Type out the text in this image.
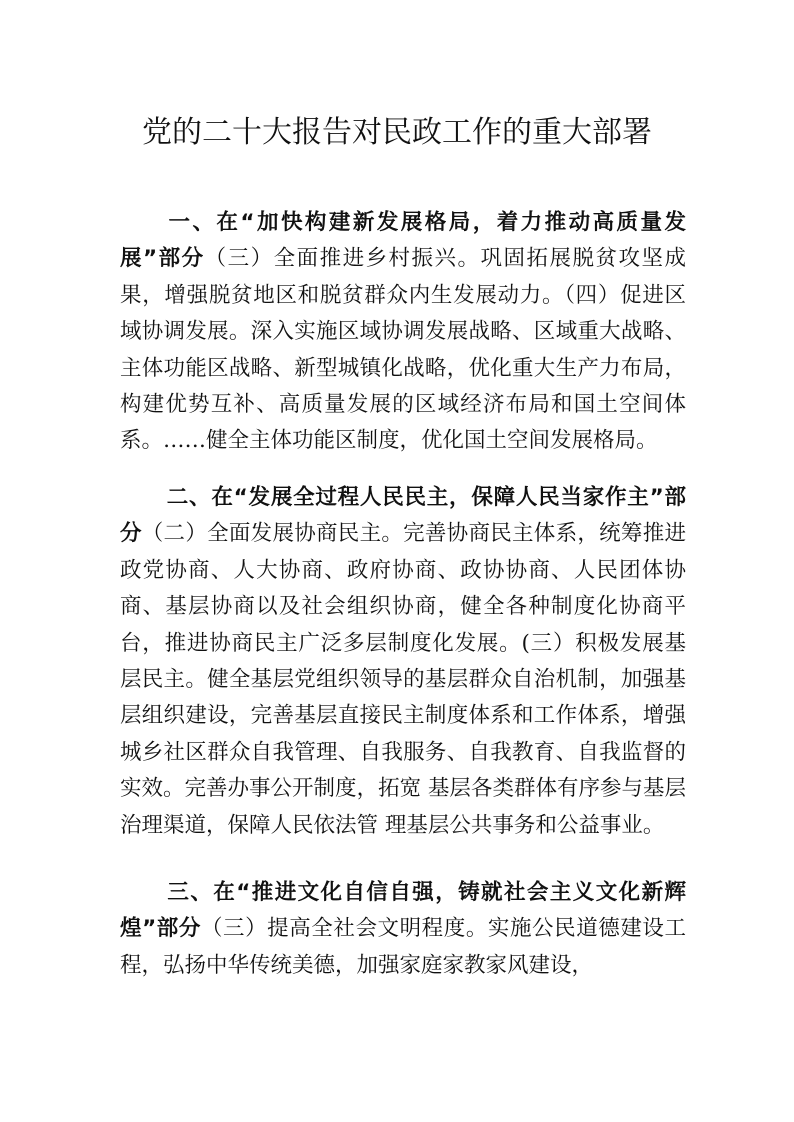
党的二十大报告对民政工作的重大部署

一、在“加快构建新发展格局，着力推动高质量发展”部分（三）全面推进乡村振兴。巩固拓展脱贫攻坚成果，增强脱贫地区和脱贫群众内生发展动力。（四）促进区域协调发展。深入实施区域协调发展战略、区域重大战略、主体功能区战略、新型城镇化战略，优化重大生产力布局，构建优势互补、高质量发展的区域经济布局和国土空间体系。……健全主体功能区制度，优化国土空间发展格局。

二、在“发展全过程人民民主，保障人民当家作主”部分（二）全面发展协商民主。完善协商民主体系，统筹推进政党协商、人大协商、政府协商、政协协商、人民团体协商、基层协商以及社会组织协商，健全各种制度化协商平台，推进协商民主广泛多层制度化发展。(三）积极发展基层民主。健全基层党组织领导的基层群众自治机制，加强基层组织建设，完善基层直接民主制度体系和工作体系，增强城乡社区群众自我管理、自我服务、自我教育、自我监督的实效。完善办事公开制度，拓宽 基层各类群体有序参与基层治理渠道，保障人民依法管 理基层公共事务和公益事业。

三、在“推进文化自信自强，铸就社会主义文化新辉煌”部分（三）提高全社会文明程度。实施公民道德建设工程，弘扬中华传统美德，加强家庭家教家风建设，
